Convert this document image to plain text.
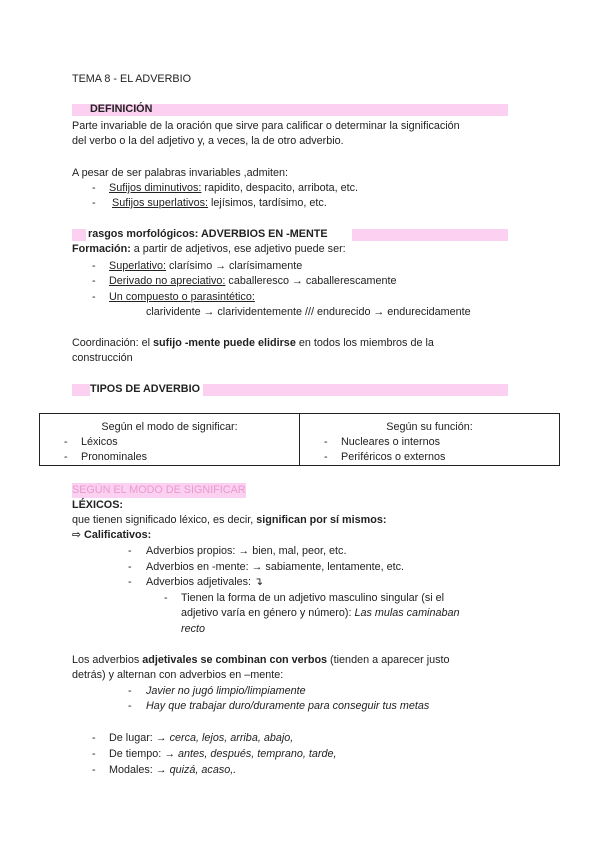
TEMA 8 - EL ADVERBIO
DEFINICIÓN
Parte invariable de la oración que sirve para calificar o determinar la significación
del verbo o la del adjetivo y, a veces, la de otro adverbio.
A pesar de ser palabras invariables ,admiten:
- Sufijos diminutivos: rapidito, despacito, arribota, etc.
- Sufijos superlativos: lejísimos, tardísimo, etc.
rasgos morfológicos: ADVERBIOS EN -MENTE
Formación: a partir de adjetivos, ese adjetivo puede ser:
- Superlativo: clarísimo → clarísimamente
- Derivado no apreciativo: caballeresco → caballerescamente
- Un compuesto o parasintético:
clarividente → clarividentemente /// endurecido → endurecidamente
Coordinación: el sufijo -mente puede elidirse en todos los miembros de la
construcción
TIPOS DE ADVERBIO
Según el modo de significar:
- Léxicos
- Pronominales

Según su función:
- Nucleares o internos
- Periféricos o externos
SEGÚN EL MODO DE SIGNIFICAR
LÉXICOS:
que tienen significado léxico, es decir, significan por sí mismos:
⇨ Calificativos:
- Adverbios propios: → bien, mal, peor, etc.
- Adverbios en -mente: → sabiamente, lentamente, etc.
- Adverbios adjetivales: ↴
- Tienen la forma de un adjetivo masculino singular (si el
adjetivo varía en género y número): Las mulas caminaban
recto
Los adverbios adjetivales se combinan con verbos (tienden a aparecer justo
detrás) y alternan con adverbios en –mente:
- Javier no jugó limpio/limpiamente
- Hay que trabajar duro/duramente para conseguir tus metas
- De lugar: → cerca, lejos, arriba, abajo,
- De tiempo: → antes, después, temprano, tarde,
- Modales: → quizá, acaso,.
